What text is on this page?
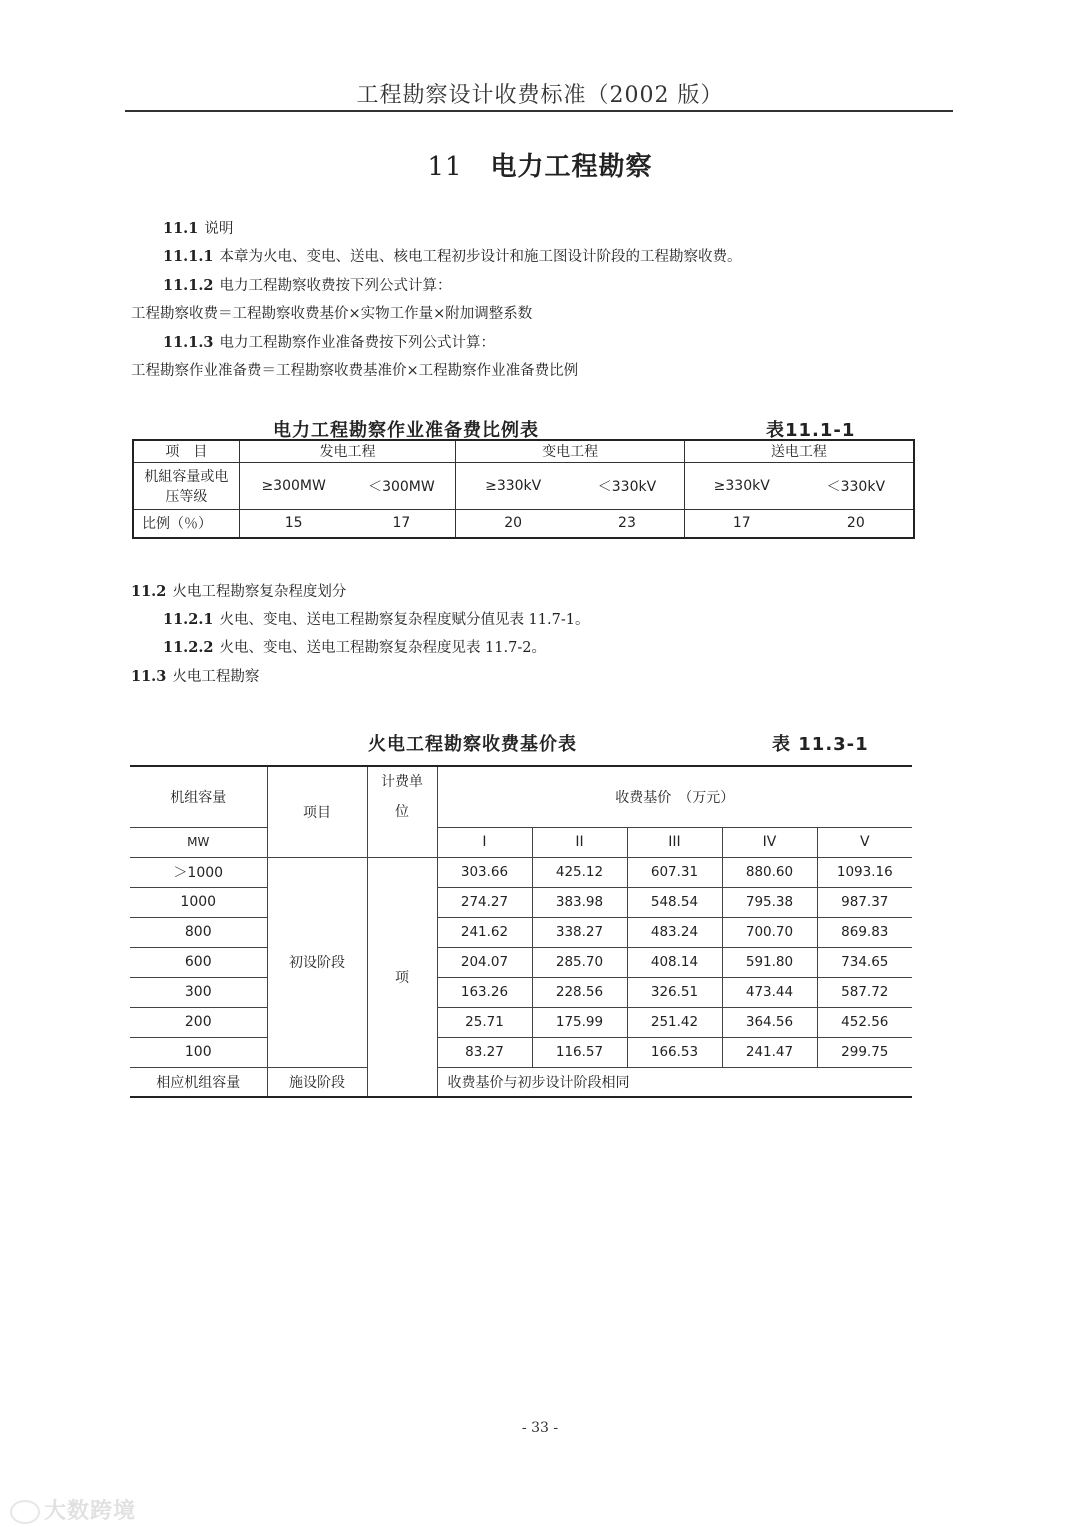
工程勘察设计收费标准（2002 版）
11 电力工程勘察
11.1 说明
11.1.1 本章为火电、变电、送电、核电工程初步设计和施工图设计阶段的工程勘察收费。
11.1.2 电力工程勘察收费按下列公式计算：
工程勘察收费＝工程勘察收费基价×实物工作量×附加调整系数
11.1.3 电力工程勘察作业准备费按下列公式计算：
工程勘察作业准备费＝工程勘察收费基准价×工程勘察作业准备费比例
电力工程勘察作业准备费比例表	表11.1-1
项　目	发电工程		变电工程		送电工程	
机組容量或电压等级	≥300MW	＜300MW	≥330kV	＜330kV	≥330kV	＜330kV
比例（％）	15	17	20	23	17	20
11.2 火电工程勘察复杂程度划分
11.2.1 火电、变电、送电工程勘察复杂程度赋分值见表 11.7-1。
11.2.2 火电、变电、送电工程勘察复杂程度见表 11.7-2。
11.3 火电工程勘察
火电工程勘察收费基价表	表 11.3-1
机组容量	项目	计费单位	收费基价　（万元）				
MW			I	II	III	IV	V
＞1000	初设阶段	项	303.66	425.12	607.31	880.60	1093.16
1000			274.27	383.98	548.54	795.38	987.37
800			241.62	338.27	483.24	700.70	869.83
600			204.07	285.70	408.14	591.80	734.65
300			163.26	228.56	326.51	473.44	587.72
200			25.71	175.99	251.42	364.56	452.56
100			83.27	116.57	166.53	241.47	299.75
相应机组容量	施设阶段		收费基价与初步设计阶段相同				
- 33 -
大数跨境
